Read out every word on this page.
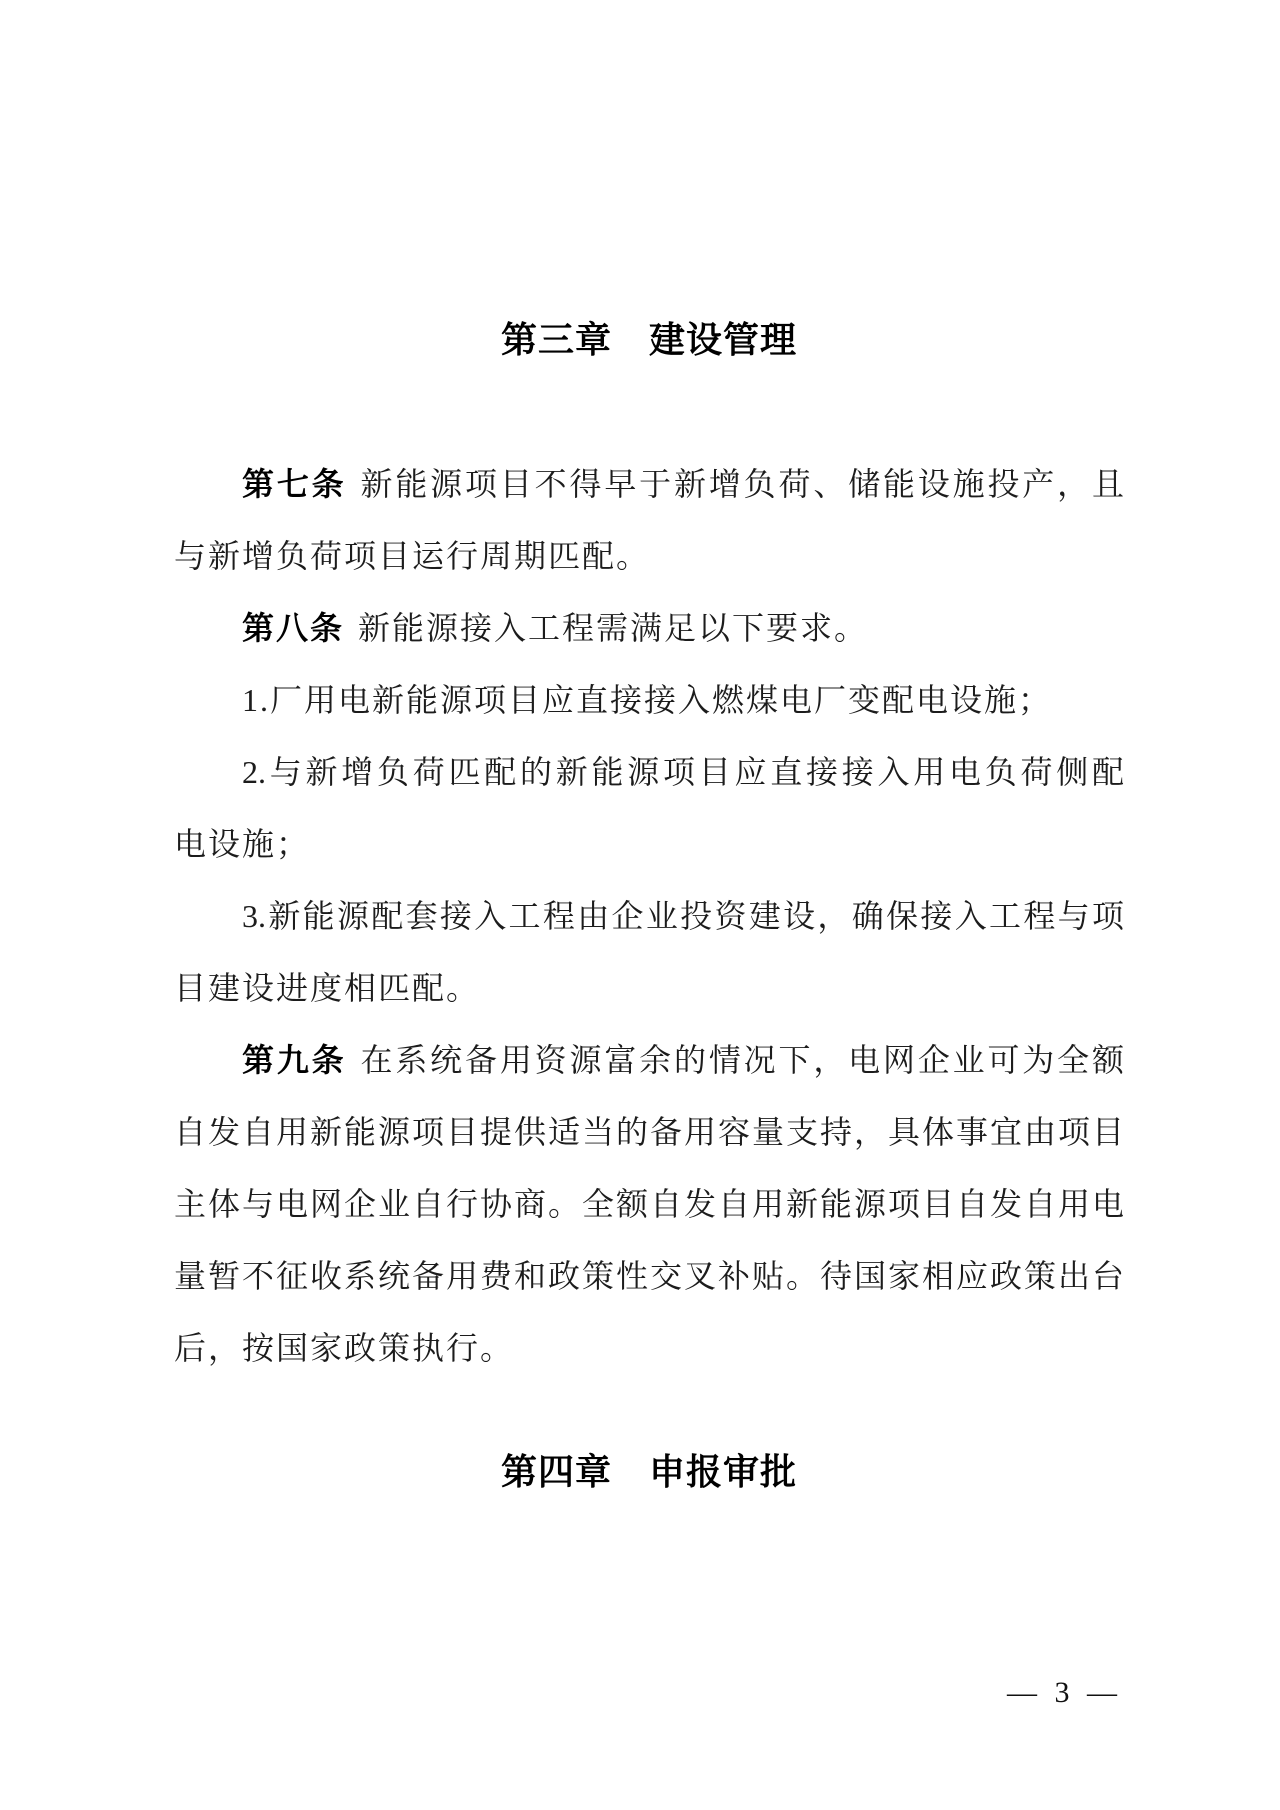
第三章　建设管理
第七条 新能源项目不得早于新增负荷、储能设施投产，且
与新增负荷项目运行周期匹配。
第八条 新能源接入工程需满足以下要求。
1.厂用电新能源项目应直接接入燃煤电厂变配电设施；
2.与新增负荷匹配的新能源项目应直接接入用电负荷侧配
电设施；
3.新能源配套接入工程由企业投资建设，确保接入工程与项
目建设进度相匹配。
第九条 在系统备用资源富余的情况下，电网企业可为全额
自发自用新能源项目提供适当的备用容量支持，具体事宜由项目
主体与电网企业自行协商。全额自发自用新能源项目自发自用电
量暂不征收系统备用费和政策性交叉补贴。待国家相应政策出台
后，按国家政策执行。
第四章　申报审批
— 3 —
